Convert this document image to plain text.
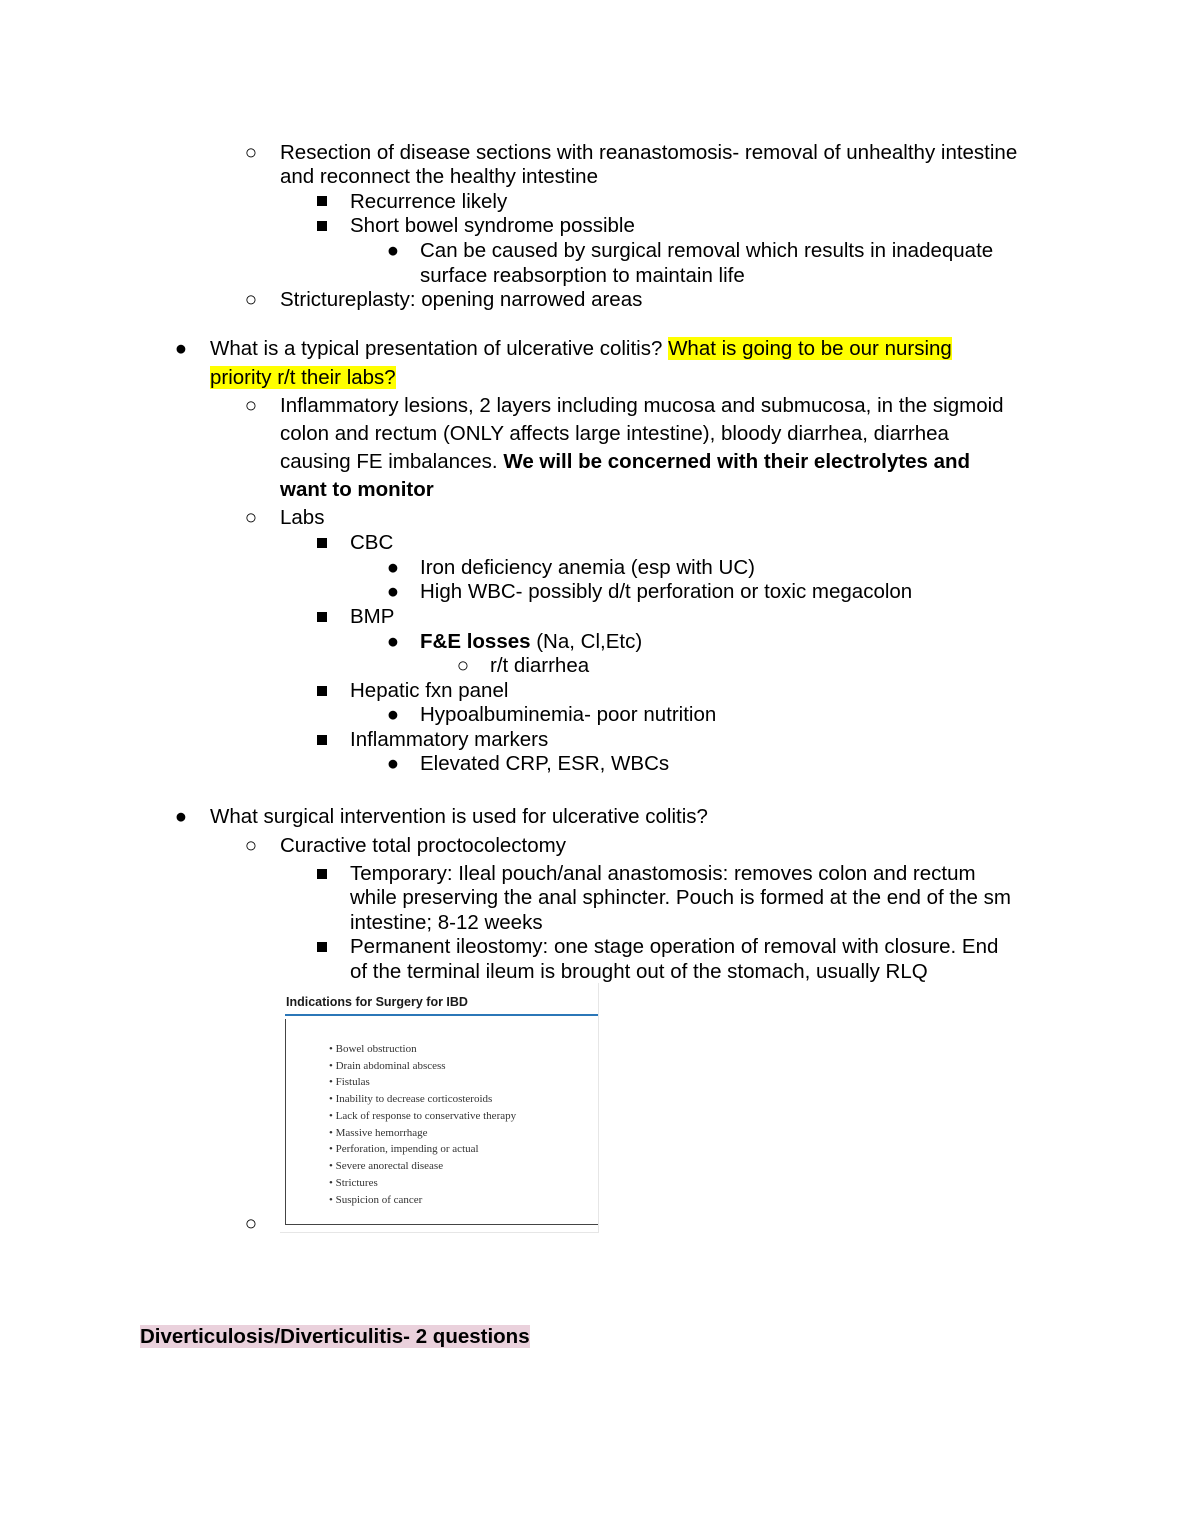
○ Resection of disease sections with reanastomosis- removal of unhealthy intestine
and reconnect the healthy intestine
Recurrence likely
Short bowel syndrome possible
● Can be caused by surgical removal which results in inadequate
surface reabsorption to maintain life
○ Strictureplasty: opening narrowed areas
● What is a typical presentation of ulcerative colitis? What is going to be our nursing
priority r/t their labs?
○ Inflammatory lesions, 2 layers including mucosa and submucosa, in the sigmoid
colon and rectum (ONLY affects large intestine), bloody diarrhea, diarrhea
causing FE imbalances. We will be concerned with their electrolytes and
want to monitor
○ Labs
CBC
● Iron deficiency anemia (esp with UC)
● High WBC- possibly d/t perforation or toxic megacolon
BMP
● F&E losses (Na, Cl,Etc)
○ r/t diarrhea
Hepatic fxn panel
● Hypoalbuminemia- poor nutrition
Inflammatory markers
● Elevated CRP, ESR, WBCs
● What surgical intervention is used for ulcerative colitis?
○ Curactive total proctocolectomy
Temporary: Ileal pouch/anal anastomosis: removes colon and rectum
while preserving the anal sphincter. Pouch is formed at the end of the sm
intestine; 8-12 weeks
Permanent ileostomy: one stage operation of removal with closure. End
of the terminal ileum is brought out of the stomach, usually RLQ
Indications for Surgery for IBD
• Bowel obstruction
• Drain abdominal abscess
• Fistulas
• Inability to decrease corticosteroids
• Lack of response to conservative therapy
• Massive hemorrhage
• Perforation, impending or actual
• Severe anorectal disease
• Strictures
• Suspicion of cancer
○
Diverticulosis/Diverticulitis- 2 questions
